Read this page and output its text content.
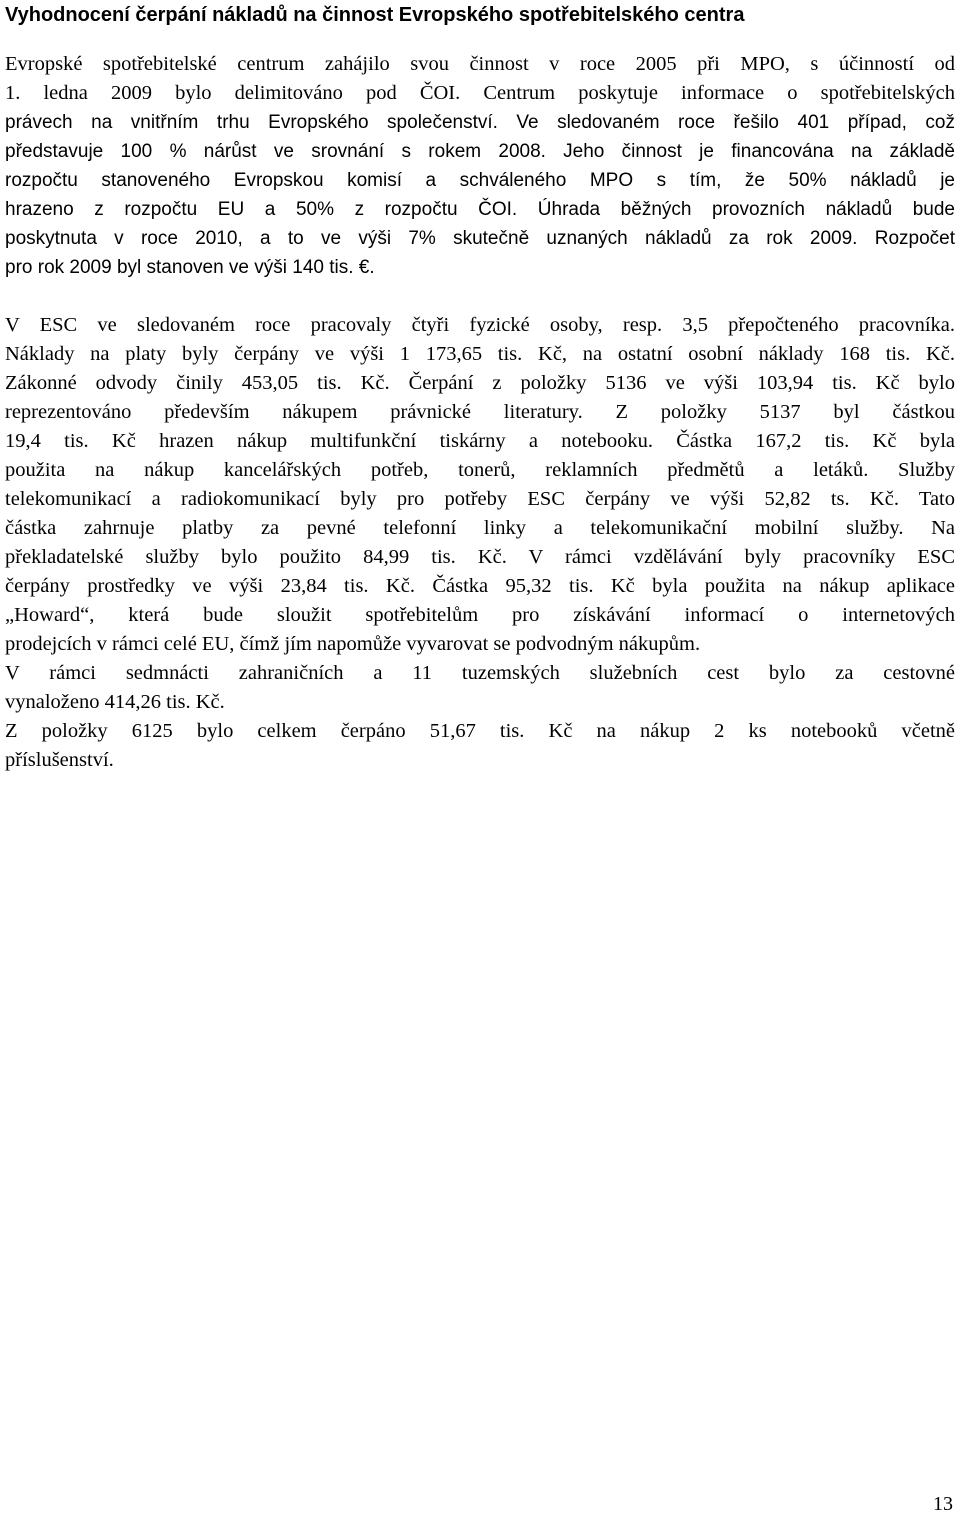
Vyhodnocení čerpání nákladů na činnost Evropského spotřebitelského centra
Evropské spotřebitelské centrum zahájilo svou činnost v roce 2005 při MPO, s účinností od
1. ledna 2009 bylo delimitováno pod ČOI. Centrum poskytuje informace o spotřebitelských
právech na vnitřním trhu Evropského společenství. Ve sledovaném roce řešilo 401 případ, což
představuje 100 % nárůst ve srovnání s rokem 2008. Jeho činnost je financována na základě
rozpočtu stanoveného Evropskou komisí a schváleného MPO s tím, že 50% nákladů je
hrazeno z rozpočtu EU a 50% z rozpočtu ČOI. Úhrada běžných provozních nákladů bude
poskytnuta v roce 2010, a to ve výši 7% skutečně uznaných nákladů za rok 2009. Rozpočet
pro rok 2009 byl stanoven ve výši 140 tis. €.
V ESC ve sledovaném roce pracovaly čtyři fyzické osoby, resp. 3,5 přepočteného pracovníka.
Náklady na platy byly čerpány ve výši 1 173,65 tis. Kč, na ostatní osobní náklady 168 tis. Kč.
Zákonné odvody činily 453,05 tis. Kč. Čerpání z položky 5136 ve výši 103,94 tis. Kč bylo
reprezentováno především nákupem právnické literatury. Z položky 5137 byl částkou
19,4 tis. Kč hrazen nákup multifunkční tiskárny a notebooku. Částka 167,2 tis. Kč byla
použita na nákup kancelářských potřeb, tonerů, reklamních předmětů a letáků. Služby
telekomunikací a radiokomunikací byly pro potřeby ESC čerpány ve výši 52,82 ts. Kč. Tato
částka zahrnuje platby za pevné telefonní linky a telekomunikační mobilní služby. Na
překladatelské služby bylo použito 84,99 tis. Kč. V rámci vzdělávání byly pracovníky ESC
čerpány prostředky ve výši 23,84 tis. Kč. Částka 95,32 tis. Kč byla použita na nákup aplikace
„Howard“, která bude sloužit spotřebitelům pro získávání informací o internetových
prodejcích v rámci celé EU, čímž jím napomůže vyvarovat se podvodným nákupům.
V rámci sedmnácti zahraničních a 11 tuzemských služebních cest bylo za cestovné
vynaloženo 414,26 tis. Kč.
Z položky 6125 bylo celkem čerpáno 51,67 tis. Kč na nákup 2 ks notebooků včetně
příslušenství.
13
